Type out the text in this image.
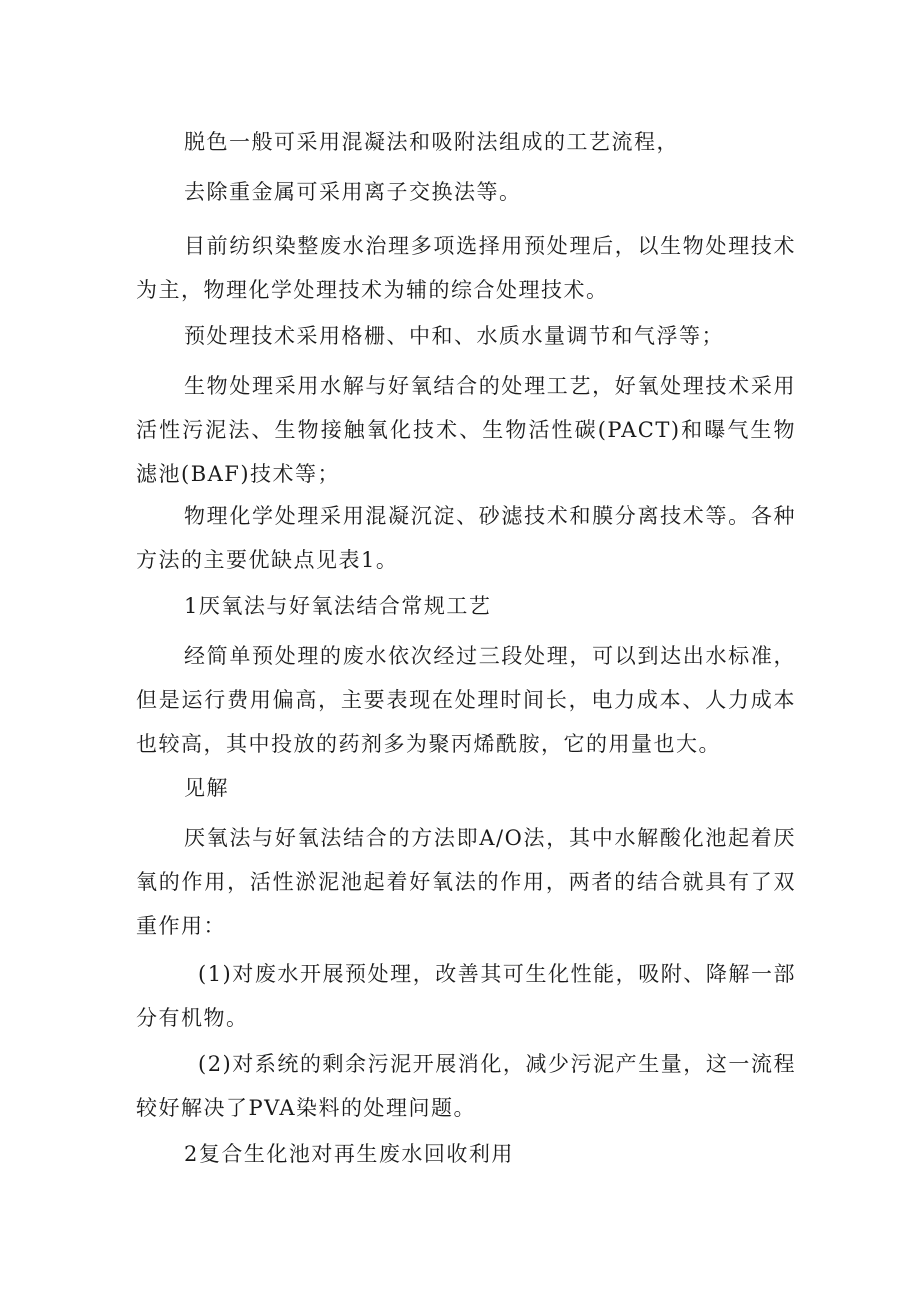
脱色一般可采用混凝法和吸附法组成的工艺流程，

去除重金属可采用离子交换法等。

目前纺织染整废水治理多项选择用预处理后，以生物处理技术为主，物理化学处理技术为辅的综合处理技术。

预处理技术采用格栅、中和、水质水量调节和气浮等；

生物处理采用水解与好氧结合的处理工艺，好氧处理技术采用活性污泥法、生物接触氧化技术、生物活性碳(PACT)和曝气生物滤池(BAF)技术等；

物理化学处理采用混凝沉淀、砂滤技术和膜分离技术等。各种方法的主要优缺点见表1。

1厌氧法与好氧法结合常规工艺

经简单预处理的废水依次经过三段处理，可以到达出水标准，但是运行费用偏高，主要表现在处理时间长，电力成本、人力成本也较高，其中投放的药剂多为聚丙烯酰胺，它的用量也大。

见解

厌氧法与好氧法结合的方法即A/O法，其中水解酸化池起着厌氧的作用，活性淤泥池起着好氧法的作用，两者的结合就具有了双重作用：

(1)对废水开展预处理，改善其可生化性能，吸附、降解一部分有机物。

(2)对系统的剩余污泥开展消化，减少污泥产生量，这一流程较好解决了PVA染料的处理问题。

2复合生化池对再生废水回收利用
